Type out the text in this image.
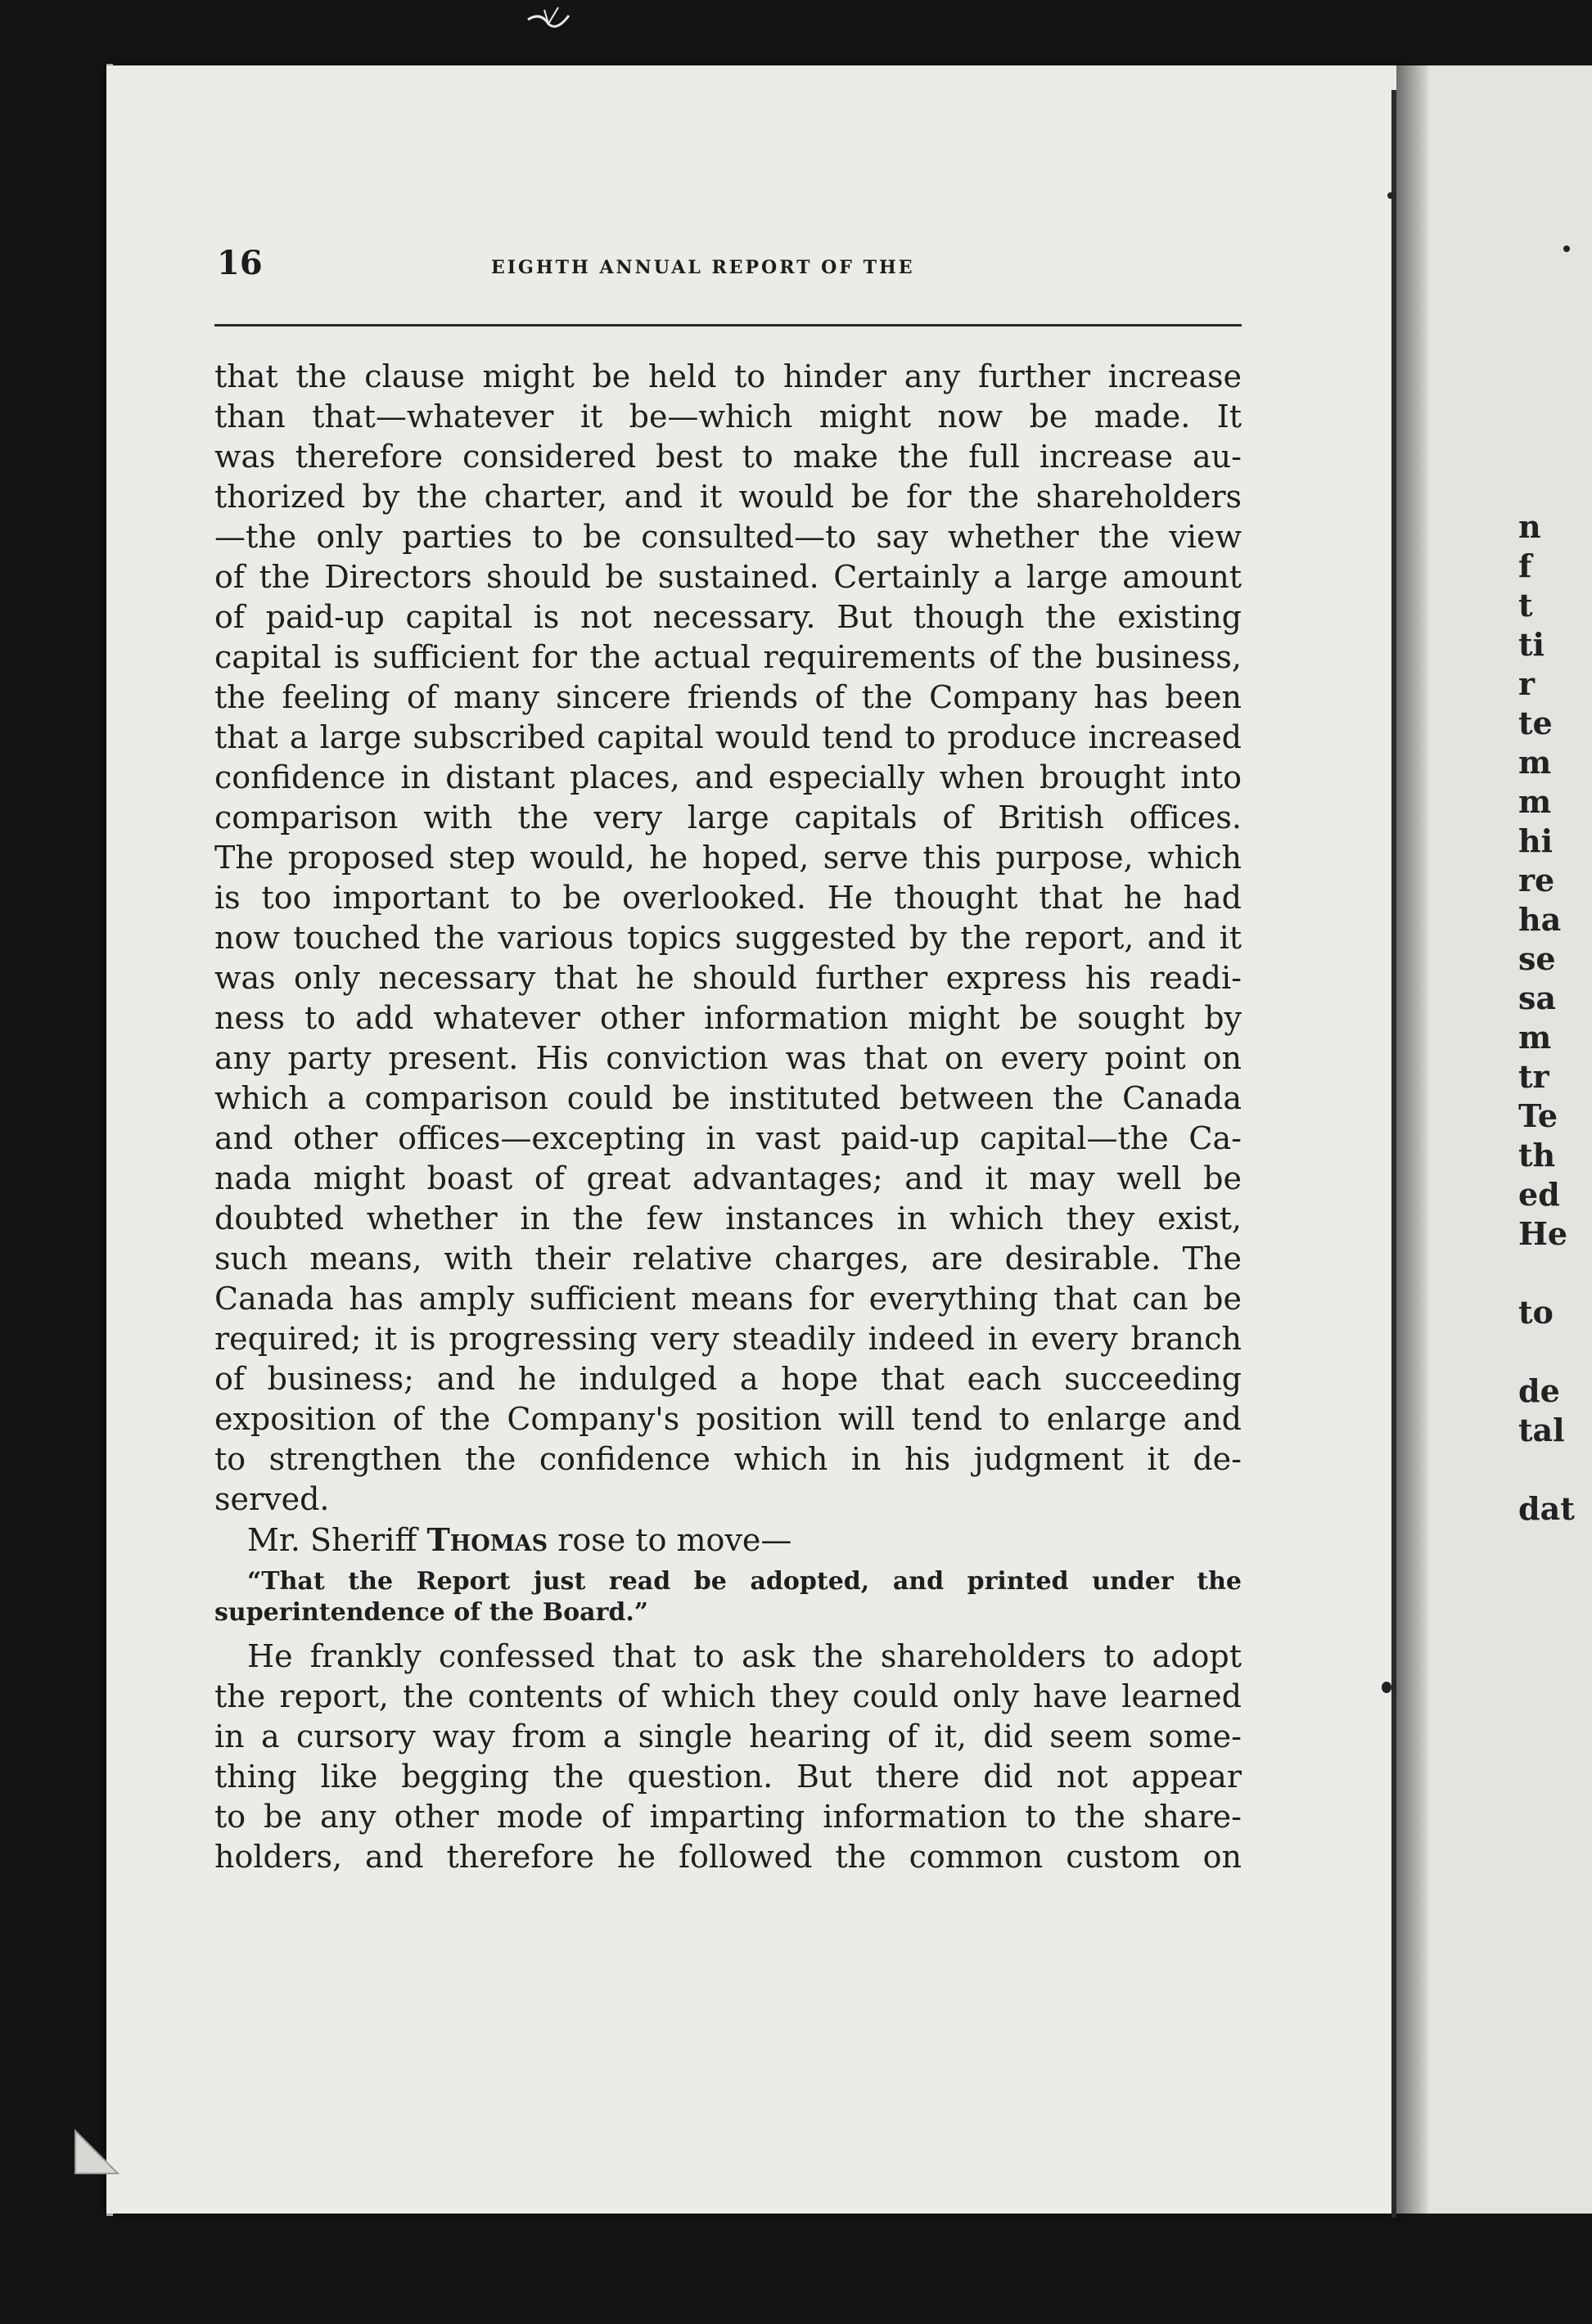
16	EIGHTH ANNUAL REPORT OF THE
that the clause might be held to hinder any further increase
than that—whatever it be—which might now be made. It
was therefore considered best to make the full increase au-
thorized by the charter, and it would be for the shareholders
—the only parties to be consulted—to say whether the view
of the Directors should be sustained. Certainly a large amount
of paid-up capital is not necessary. But though the existing
capital is sufficient for the actual requirements of the business,
the feeling of many sincere friends of the Company has been
that a large subscribed capital would tend to produce increased
confidence in distant places, and especially when brought into
comparison with the very large capitals of British offices.
The proposed step would, he hoped, serve this purpose, which
is too important to be overlooked. He thought that he had
now touched the various topics suggested by the report, and it
was only necessary that he should further express his readi-
ness to add whatever other information might be sought by
any party present. His conviction was that on every point on
which a comparison could be instituted between the Canada
and other offices—excepting in vast paid-up capital—the Ca-
nada might boast of great advantages; and it may well be
doubted whether in the few instances in which they exist,
such means, with their relative charges, are desirable. The
Canada has amply sufficient means for everything that can be
required; it is progressing very steadily indeed in every branch
of business; and he indulged a hope that each succeeding
exposition of the Company's position will tend to enlarge and
to strengthen the confidence which in his judgment it de-
served.
Mr. Sheriff Thomas rose to move—
“That the Report just read be adopted, and printed under the
superintendence of the Board.”
He frankly confessed that to ask the shareholders to adopt
the report, the contents of which they could only have learned
in a cursory way from a single hearing of it, did seem some-
thing like begging the question. But there did not appear
to be any other mode of imparting information to the share-
holders, and therefore he followed the common custom on
n
f
t
ti
r
te
m
m
hi
re
ha
se
sa
m
tr
Te
th
ed
He
to
de
tal
dat
